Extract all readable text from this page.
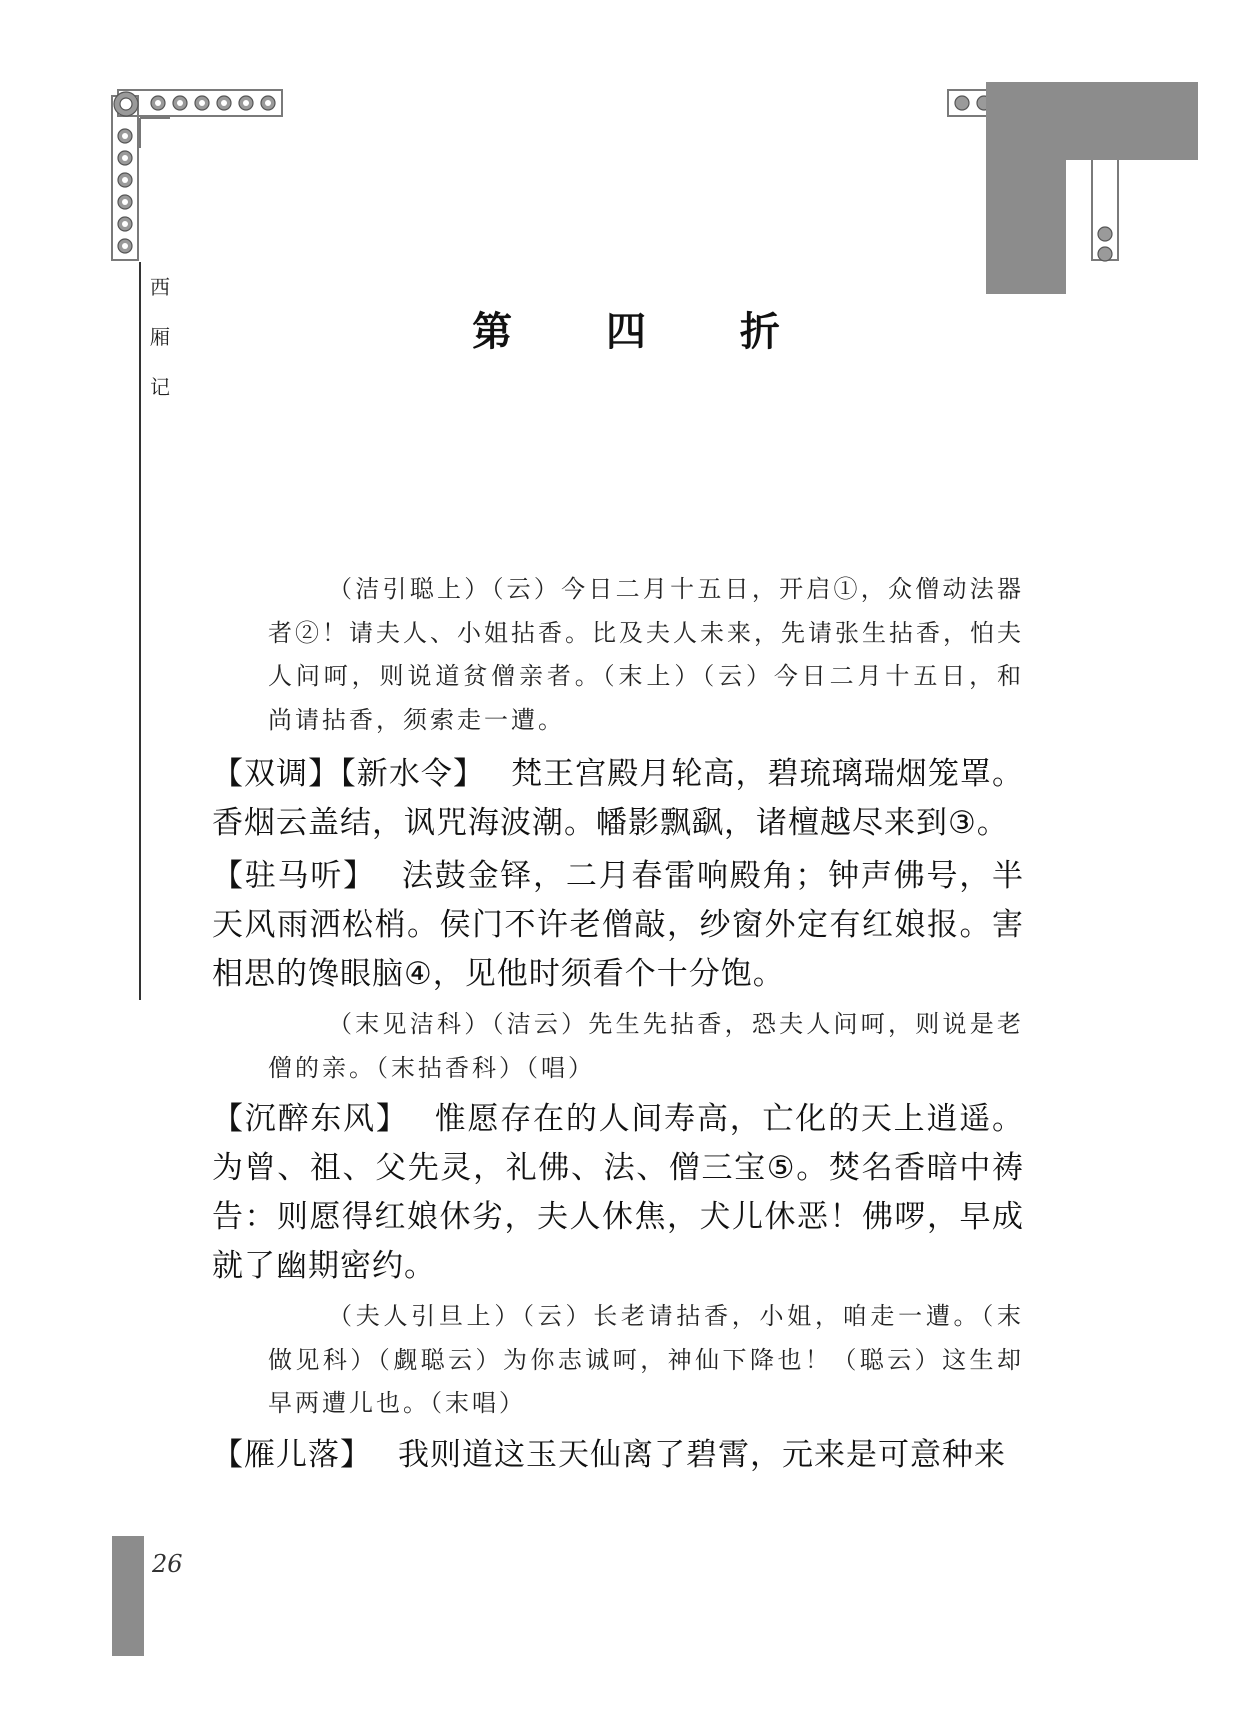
西
厢
记
第 四 折

（洁引聪上）（云）今日二月十五日，开启①，众僧动法器者②！请夫人、小姐拈香。比及夫人未来，先请张生拈香，怕夫人问呵，则说道贫僧亲者。（末上）（云）今日二月十五日，和尚请拈香，须索走一遭。

【双调】【新水令】 梵王宫殿月轮高，碧琉璃瑞烟笼罩。香烟云盖结，讽咒海波潮。幡影飘飖，诸檀越尽来到③。

【驻马听】 法鼓金铎，二月春雷响殿角；钟声佛号，半天风雨洒松梢。侯门不许老僧敲，纱窗外定有红娘报。害相思的馋眼脑④，见他时须看个十分饱。

（末见洁科）（洁云）先生先拈香，恐夫人问呵，则说是老僧的亲。（末拈香科）（唱）

【沉醉东风】 惟愿存在的人间寿高，亡化的天上逍遥。为曾、祖、父先灵，礼佛、法、僧三宝⑤。焚名香暗中祷告：则愿得红娘休劣，夫人休焦，犬儿休恶！佛啰，早成就了幽期密约。

（夫人引旦上）（云）长老请拈香，小姐，咱走一遭。（末做见科）（觑聪云）为你志诚呵，神仙下降也！（聪云）这生却早两遭儿也。（末唱）

【雁儿落】 我则道这玉天仙离了碧霄，元来是可意种来

26
